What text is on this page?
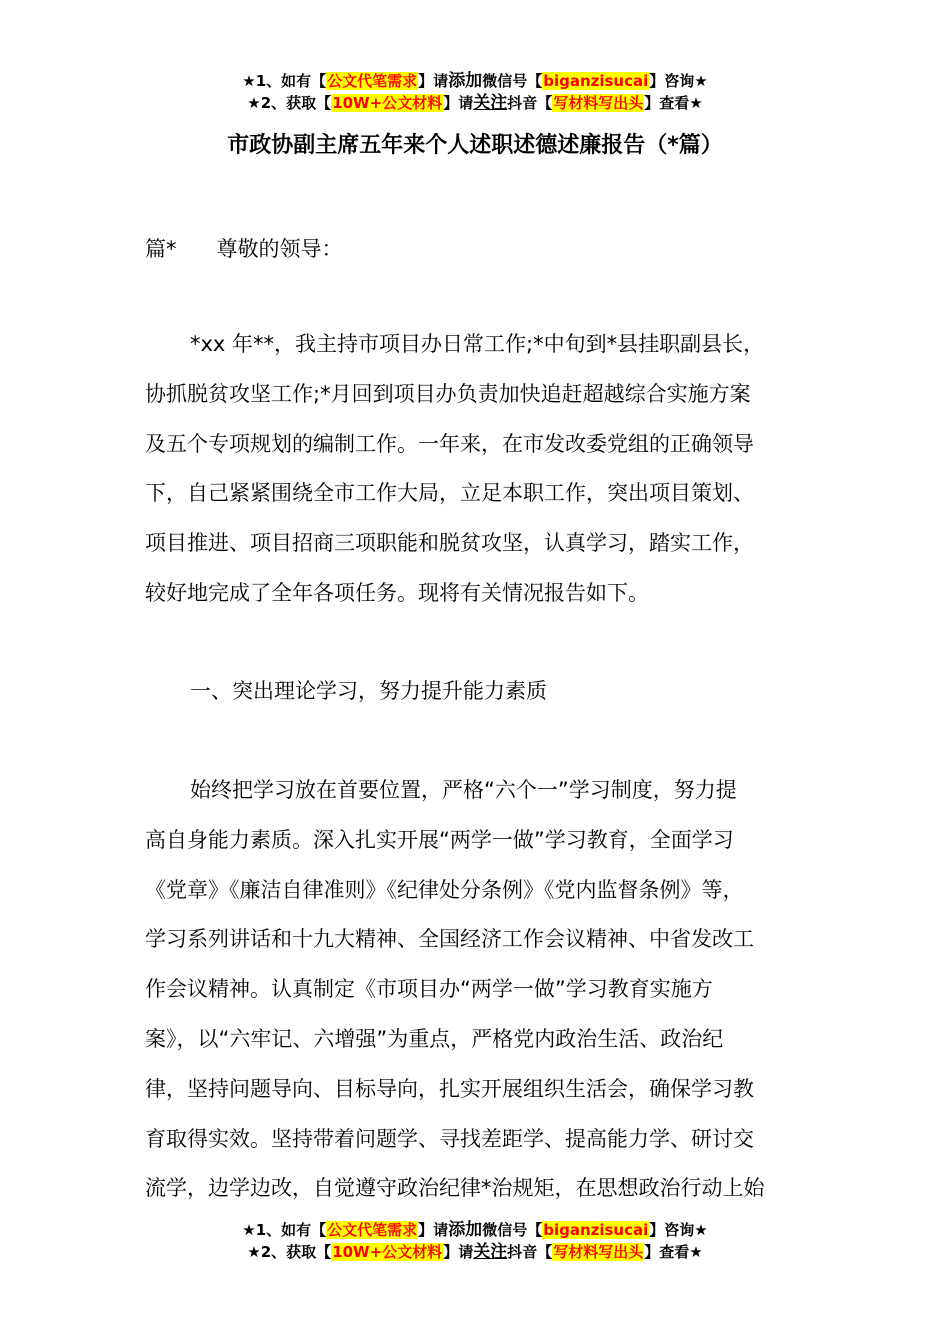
★1、如有【公文代笔需求】请添加微信号【biganzisucai】咨询★
★2、获取【10W+公文材料】请关注抖音【写材料写出头】查看★
市政协副主席五年来个人述职述德述廉报告（*篇）
篇* 尊敬的领导：
*xx 年**，我主持市项目办日常工作;*中旬到*县挂职副县长，
协抓脱贫攻坚工作;*月回到项目办负责加快追赶超越综合实施方案
及五个专项规划的编制工作。一年来，在市发改委党组的正确领导
下，自己紧紧围绕全市工作大局，立足本职工作，突出项目策划、
项目推进、项目招商三项职能和脱贫攻坚，认真学习，踏实工作，
较好地完成了全年各项任务。现将有关情况报告如下。
一、突出理论学习，努力提升能力素质
始终把学习放在首要位置，严格“六个一”学习制度，努力提
高自身能力素质。深入扎实开展“两学一做”学习教育，全面学习
《党章》《廉洁自律准则》《纪律处分条例》《党内监督条例》等，
学习系列讲话和十九大精神、全国经济工作会议精神、中省发改工
作会议精神。认真制定《市项目办“两学一做”学习教育实施方
案》，以“六牢记、六增强”为重点，严格党内政治生活、政治纪
律，坚持问题导向、目标导向，扎实开展组织生活会，确保学习教
育取得实效。坚持带着问题学、寻找差距学、提高能力学、研讨交
流学，边学边改，自觉遵守政治纪律*治规矩，在思想政治行动上始
★1、如有【公文代笔需求】请添加微信号【biganzisucai】咨询★
★2、获取【10W+公文材料】请关注抖音【写材料写出头】查看★
